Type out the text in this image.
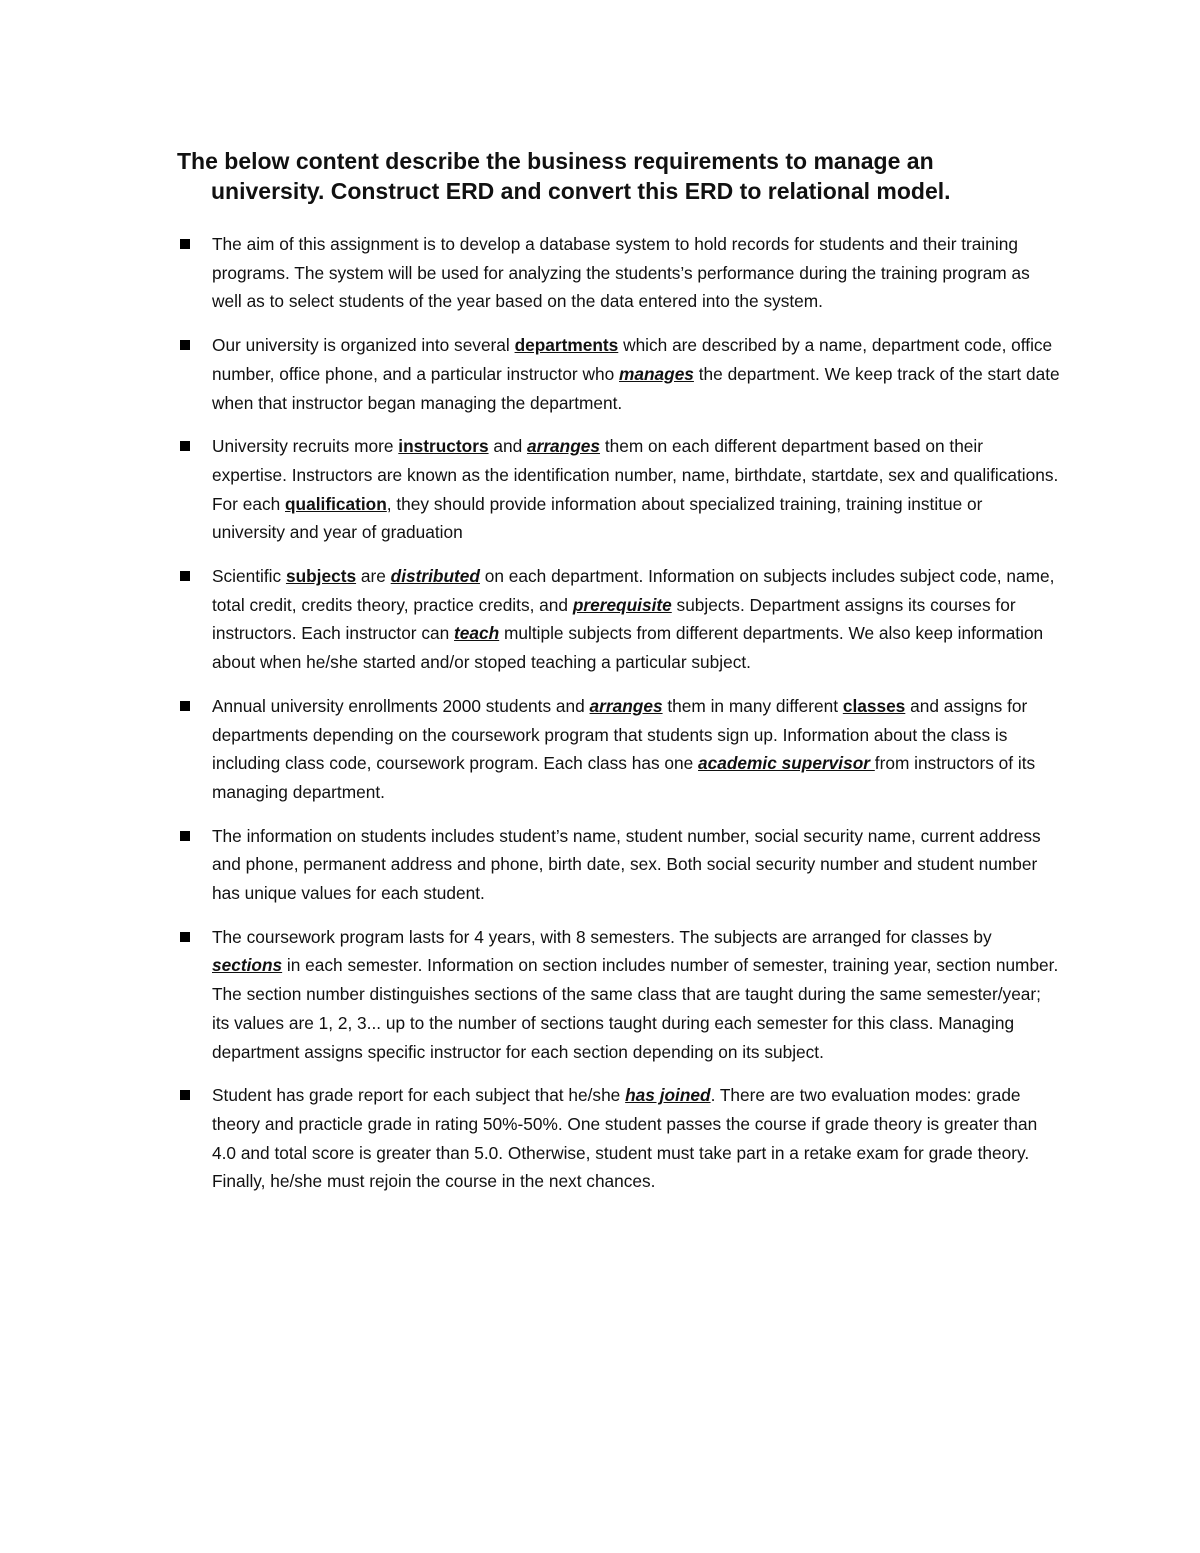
The below content describe the business requirements to manage an
university. Construct ERD and convert this ERD to relational model.
The aim of this assignment is to develop a database system to hold records for students and their training programs. The system will be used for analyzing the students’s performance during the training program as well as to select students of the year based on the data entered into the system.
Our university is organized into several departments which are described by a name, department code, office number, office phone, and a particular instructor who manages the department. We keep track of the start date when that instructor began managing the department.
University recruits more instructors and arranges them on each different department based on their expertise. Instructors are known as the identification number, name, birthdate, startdate, sex and qualifications. For each qualification, they should provide information about specialized training, training institue or university and year of graduation
Scientific subjects are distributed on each department. Information on subjects includes subject code, name, total credit, credits theory, practice credits, and prerequisite subjects. Department assigns its courses for instructors. Each instructor can teach multiple subjects from different departments. We also keep information about when he/she started and/or stoped teaching a particular subject.
Annual university enrollments 2000 students and arranges them in many different classes and assigns for departments depending on the coursework program that students sign up. Information about the class is including class code, coursework program. Each class has one academic supervisor from instructors of its managing department.
The information on students includes student’s name, student number, social security name, current address and phone, permanent address and phone, birth date, sex. Both social security number and student number has unique values for each student.
The coursework program lasts for 4 years, with 8 semesters. The subjects are arranged for classes by sections in each semester. Information on section includes number of semester, training year, section number. The section number distinguishes sections of the same class that are taught during the same semester/year; its values are 1, 2, 3... up to the number of sections taught during each semester for this class. Managing department assigns specific instructor for each section depending on its subject.
Student has grade report for each subject that he/she has joined. There are two evaluation modes: grade theory and practicle grade in rating 50%-50%. One student passes the course if grade theory is greater than 4.0 and total score is greater than 5.0. Otherwise, student must take part in a retake exam for grade theory. Finally, he/she must rejoin the course in the next chances.
